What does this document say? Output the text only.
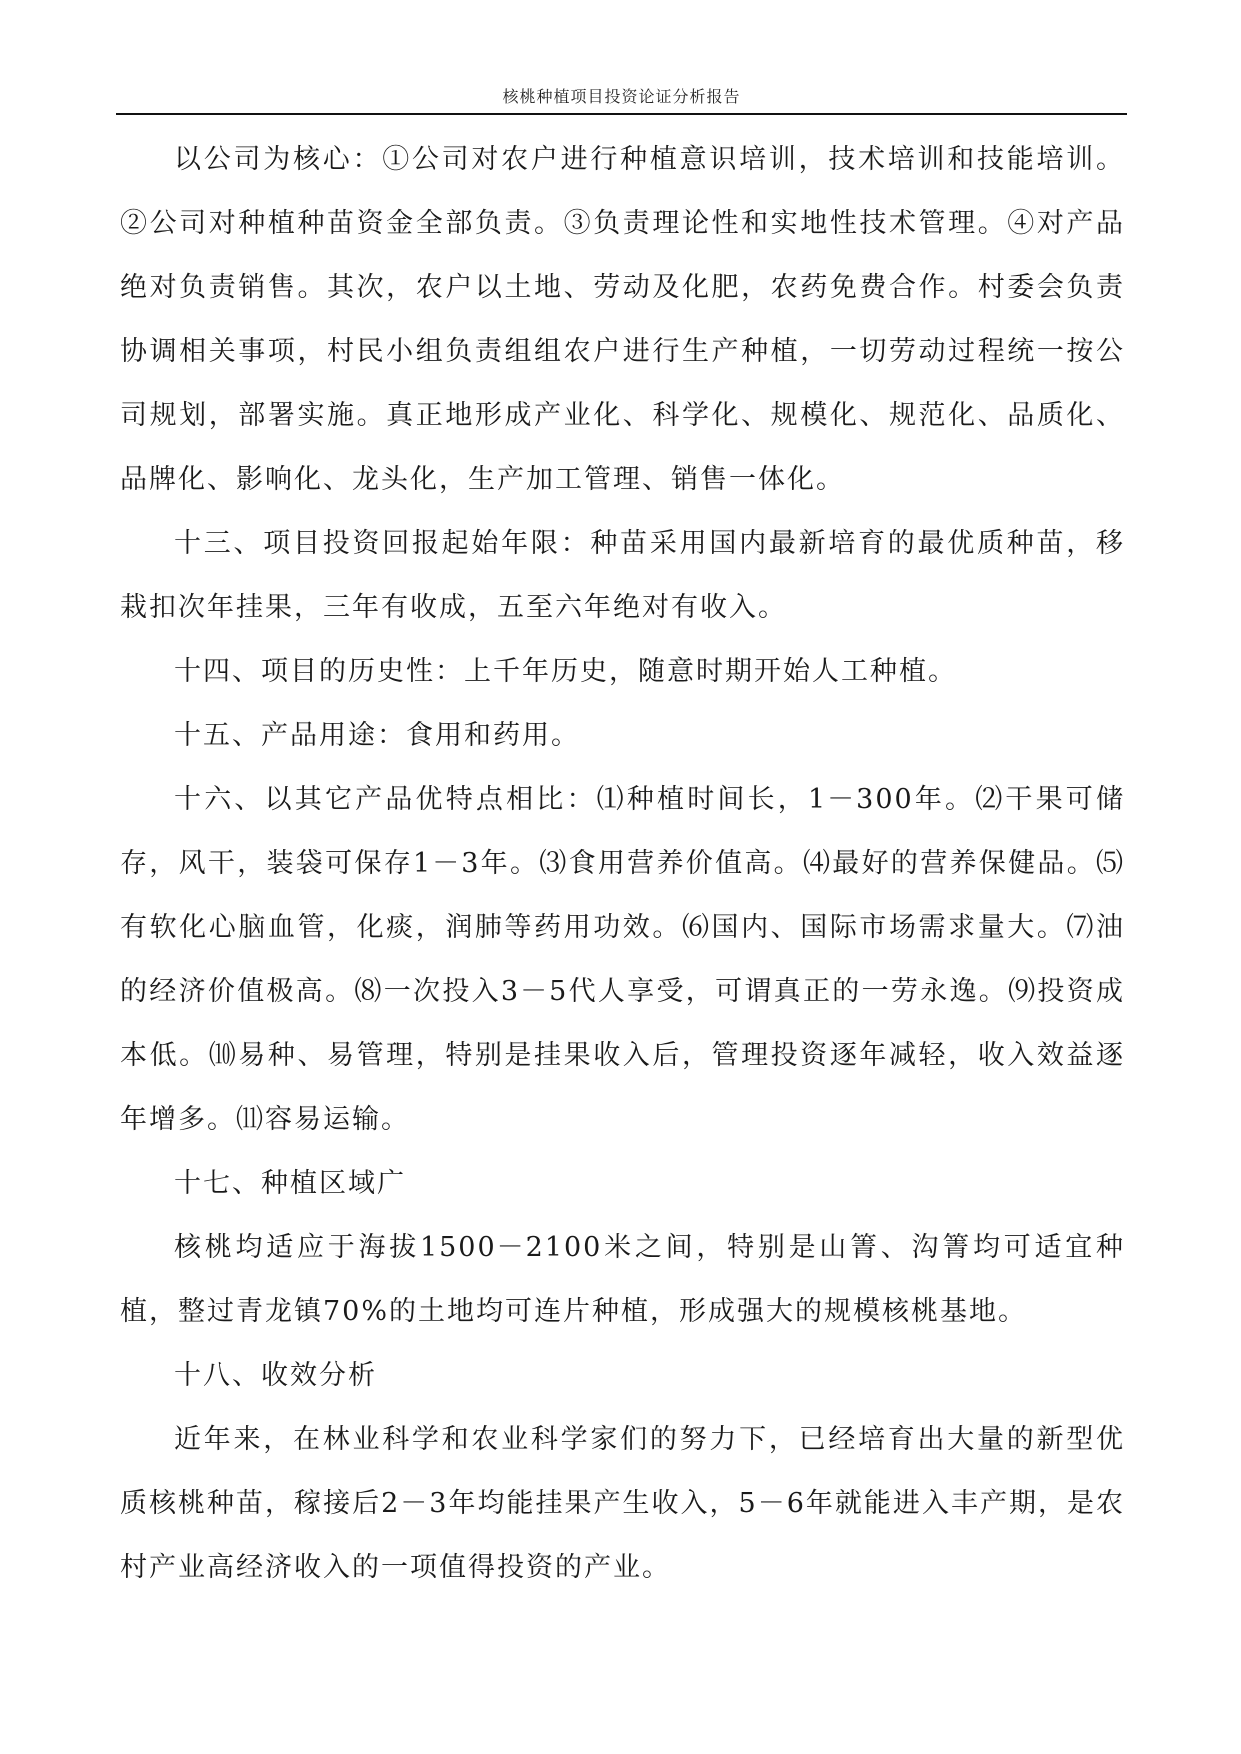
核桃种植项目投资论证分析报告

以公司为核心：①公司对农户进行种植意识培训，技术培训和技能培训。②公司对种植种苗资金全部负责。③负责理论性和实地性技术管理。④对产品绝对负责销售。其次，农户以土地、劳动及化肥，农药免费合作。村委会负责协调相关事项，村民小组负责组组农户进行生产种植，一切劳动过程统一按公司规划，部署实施。真正地形成产业化、科学化、规模化、规范化、品质化、品牌化、影响化、龙头化，生产加工管理、销售一体化。

十三、项目投资回报起始年限：种苗采用国内最新培育的最优质种苗，移栽扣次年挂果，三年有收成，五至六年绝对有收入。

十四、项目的历史性：上千年历史，随意时期开始人工种植。

十五、产品用途：食用和药用。

十六、以其它产品优特点相比：⑴种植时间长，1－300年。⑵干果可储存，风干，装袋可保存1－3年。⑶食用营养价值高。⑷最好的营养保健品。⑸有软化心脑血管，化痰，润肺等药用功效。⑹国内、国际市场需求量大。⑺油的经济价值极高。⑻一次投入3－5代人享受，可谓真正的一劳永逸。⑼投资成本低。⑽易种、易管理，特别是挂果收入后，管理投资逐年减轻，收入效益逐年增多。⑾容易运输。

十七、种植区域广

核桃均适应于海拔1500－2100米之间，特别是山箐、沟箐均可适宜种植，整过青龙镇70%的土地均可连片种植，形成强大的规模核桃基地。

十八、收效分析

近年来，在林业科学和农业科学家们的努力下，已经培育出大量的新型优质核桃种苗，稼接后2－3年均能挂果产生收入，5－6年就能进入丰产期，是农村产业高经济收入的一项值得投资的产业。
